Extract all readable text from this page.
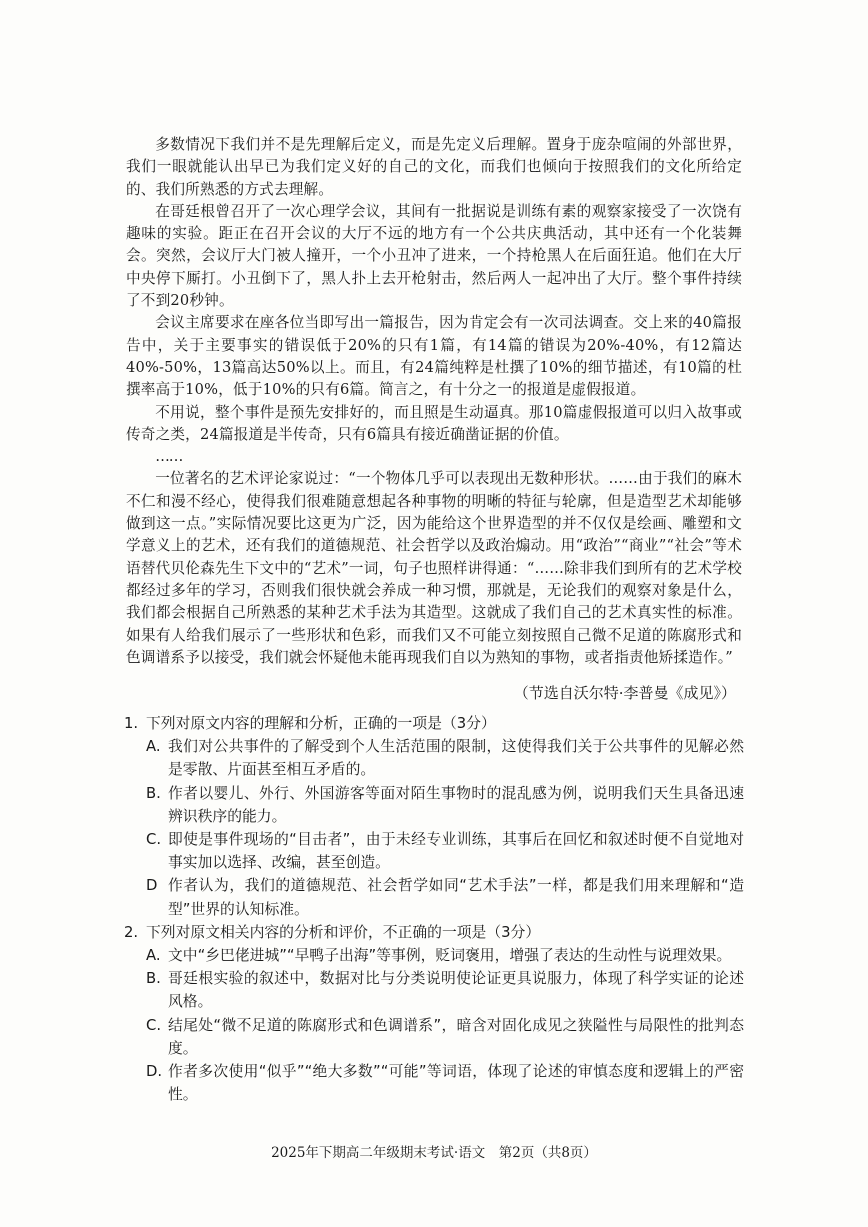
多数情况下我们并不是先理解后定义，而是先定义后理解。置身于庞杂喧闹的外部世界，我们一眼就能认出早已为我们定义好的自己的文化，而我们也倾向于按照我们的文化所给定的、我们所熟悉的方式去理解。

在哥廷根曾召开了一次心理学会议，其间有一批据说是训练有素的观察家接受了一次饶有趣味的实验。距正在召开会议的大厅不远的地方有一个公共庆典活动，其中还有一个化装舞会。突然，会议厅大门被人撞开，一个小丑冲了进来，一个持枪黑人在后面狂追。他们在大厅中央停下厮打。小丑倒下了，黑人扑上去开枪射击，然后两人一起冲出了大厅。整个事件持续了不到20秒钟。

会议主席要求在座各位当即写出一篇报告，因为肯定会有一次司法调查。交上来的40篇报告中，关于主要事实的错误低于20%的只有1篇，有14篇的错误为20%-40%，有12篇达40%-50%，13篇高达50%以上。而且，有24篇纯粹是杜撰了10%的细节描述，有10篇的杜撰率高于10%，低于10%的只有6篇。简言之，有十分之一的报道是虚假报道。

不用说，整个事件是预先安排好的，而且照是生动逼真。那10篇虚假报道可以归入故事或传奇之类，24篇报道是半传奇，只有6篇具有接近确凿证据的价值。

……

一位著名的艺术评论家说过：“一个物体几乎可以表现出无数种形状。……由于我们的麻木不仁和漫不经心，使得我们很难随意想起各种事物的明晰的特征与轮廓，但是造型艺术却能够做到这一点。”实际情况要比这更为广泛，因为能给这个世界造型的并不仅仅是绘画、雕塑和文学意义上的艺术，还有我们的道德规范、社会哲学以及政治煽动。用“政治”“商业”“社会”等术语替代贝伦森先生下文中的“艺术”一词，句子也照样讲得通：“……除非我们到所有的艺术学校都经过多年的学习，否则我们很快就会养成一种习惯，那就是，无论我们的观察对象是什么，我们都会根据自己所熟悉的某种艺术手法为其造型。这就成了我们自己的艺术真实性的标准。如果有人给我们展示了一些形状和色彩，而我们又不可能立刻按照自己微不足道的陈腐形式和色调谱系予以接受，我们就会怀疑他未能再现我们自以为熟知的事物，或者指责他矫揉造作。”

（节选自沃尔特·李普曼《成见》）

1. 下列对原文内容的理解和分析，正确的一项是（3分）

A. 我们对公共事件的了解受到个人生活范围的限制，这使得我们关于公共事件的见解必然是零散、片面甚至相互矛盾的。

B. 作者以婴儿、外行、外国游客等面对陌生事物时的混乱感为例，说明我们天生具备迅速辨识秩序的能力。

C. 即使是事件现场的“目击者”，由于未经专业训练，其事后在回忆和叙述时便不自觉地对事实加以选择、改编，甚至创造。

D 作者认为，我们的道德规范、社会哲学如同“艺术手法”一样，都是我们用来理解和“造型”世界的认知标准。

2. 下列对原文相关内容的分析和评价，不正确的一项是（3分）

A. 文中“乡巴佬进城”“早鸭子出海”等事例，贬词褒用，增强了表达的生动性与说理效果。

B. 哥廷根实验的叙述中，数据对比与分类说明使论证更具说服力，体现了科学实证的论述风格。

C. 结尾处“微不足道的陈腐形式和色调谱系”，暗含对固化成见之狭隘性与局限性的批判态度。

D. 作者多次使用“似乎”“绝大多数”“可能”等词语，体现了论述的审慎态度和逻辑上的严密性。

2025年下期高二年级期末考试·语文　第2页（共8页）
